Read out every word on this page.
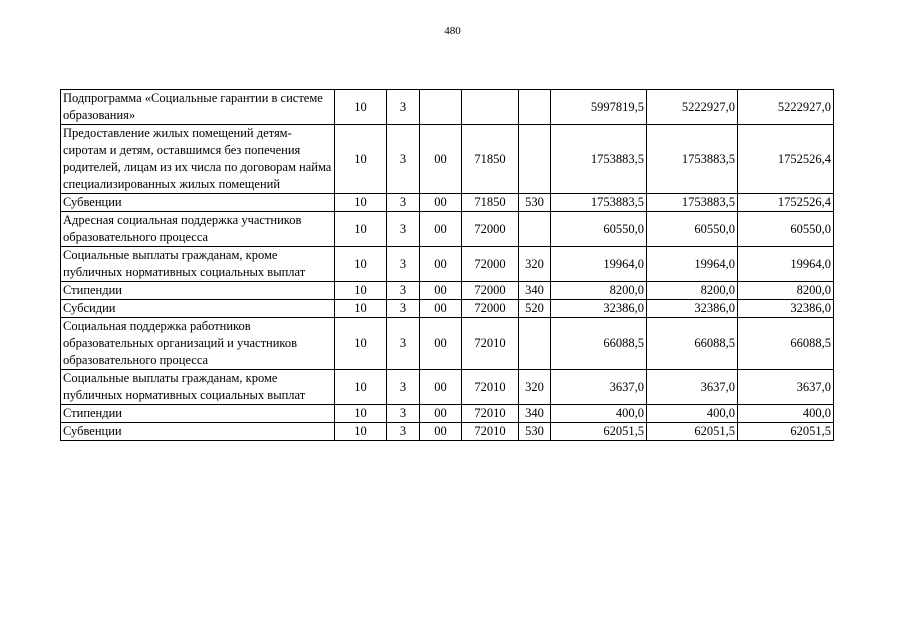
480
Подпрограмма «Социальные гарантии в системе образования»	10	3				5997819,5	5222927,0	5222927,0
Предоставление жилых помещений детям-сиротам и детям, оставшимся без попечения родителей, лицам из их числа по договорам найма специализированных жилых помещений	10	3	00	71850		1753883,5	1753883,5	1752526,4
Субвенции	10	3	00	71850	530	1753883,5	1753883,5	1752526,4
Адресная социальная поддержка участников образовательного процесса	10	3	00	72000		60550,0	60550,0	60550,0
Социальные выплаты гражданам, кроме публичных нормативных социальных выплат	10	3	00	72000	320	19964,0	19964,0	19964,0
Стипендии	10	3	00	72000	340	8200,0	8200,0	8200,0
Субсидии	10	3	00	72000	520	32386,0	32386,0	32386,0
Социальная поддержка работников образовательных организаций и участников образовательного процесса	10	3	00	72010		66088,5	66088,5	66088,5
Социальные выплаты гражданам, кроме публичных нормативных социальных выплат	10	3	00	72010	320	3637,0	3637,0	3637,0
Стипендии	10	3	00	72010	340	400,0	400,0	400,0
Субвенции	10	3	00	72010	530	62051,5	62051,5	62051,5
